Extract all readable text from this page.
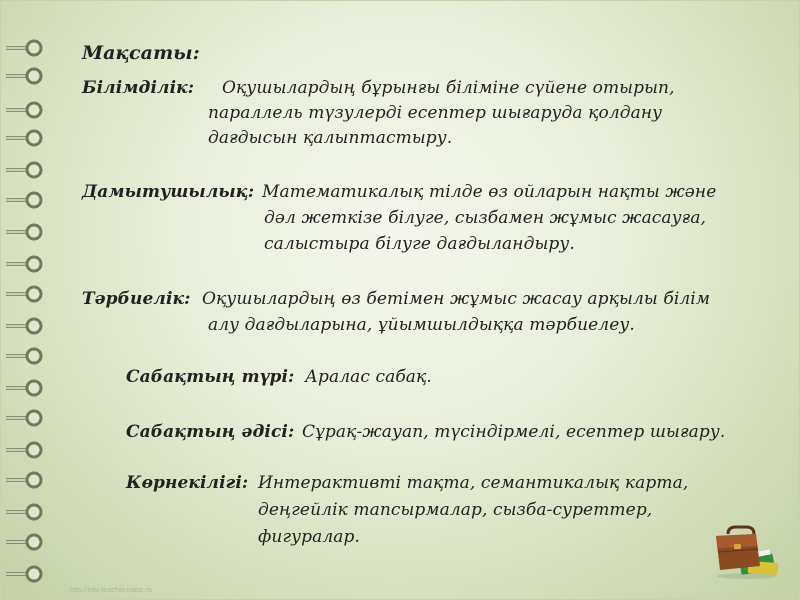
Мақсаты:
Білімділік: Оқушылардың бұрынғы біліміне сүйене отырып,
параллель түзулерді есептер шығаруда қолдану
дағдысын қалыптастыру.
Дамытушылық: Математикалық тілде өз ойларын нақты және
дәл жеткізе білуге, сызбамен жұмыс жасауға,
салыстыра білуге дағдыландыру.
Тәрбиелік: Оқушылардың өз бетімен жұмыс жасау арқылы білім
алу дағдыларына, ұйымшылдыққа тәрбиелеу.
Сабақтың түрі: Аралас сабақ.
Сабақтың әдісі: Сұрақ-жауап, түсіндірмелі, есептер шығару.
Көрнекілігі: Интерактивті тақта, семантикалық карта,
деңгейлік тапсырмалар, сызба-суреттер,
фигуралар.
http://edu-teacher.rusoz.ru
